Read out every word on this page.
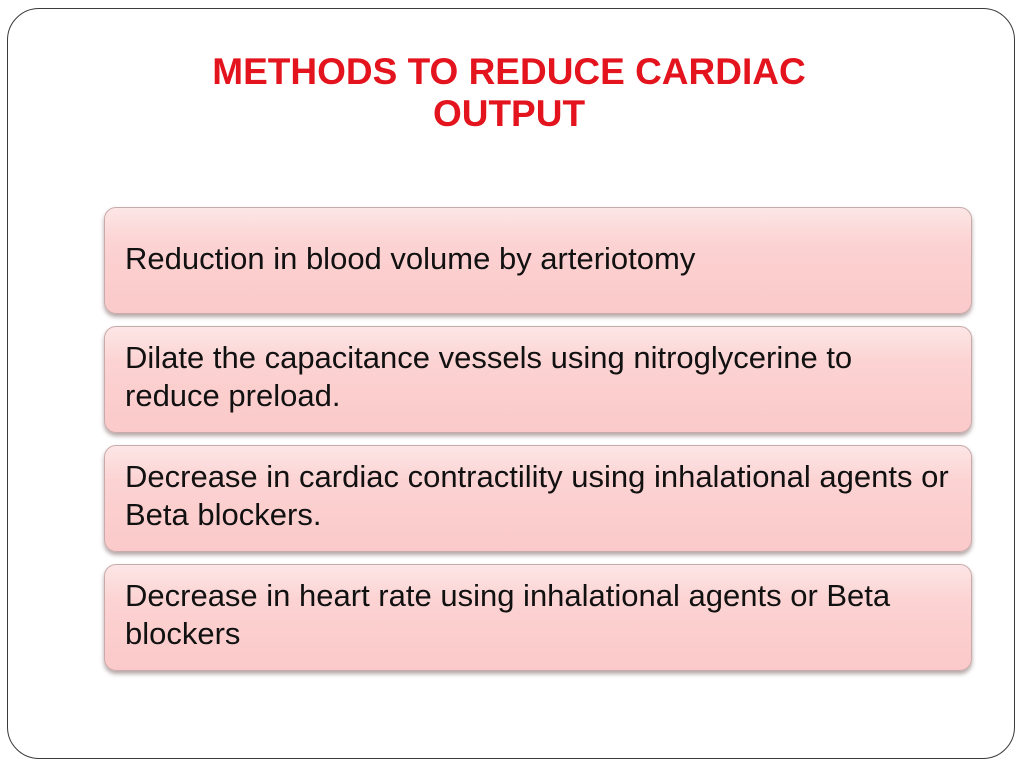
METHODS TO REDUCE CARDIAC
OUTPUT
Reduction in blood volume by arteriotomy
Dilate the capacitance vessels using nitroglycerine to reduce preload.
Decrease in cardiac contractility using inhalational agents or Beta blockers.
Decrease in heart rate using inhalational agents or Beta blockers
